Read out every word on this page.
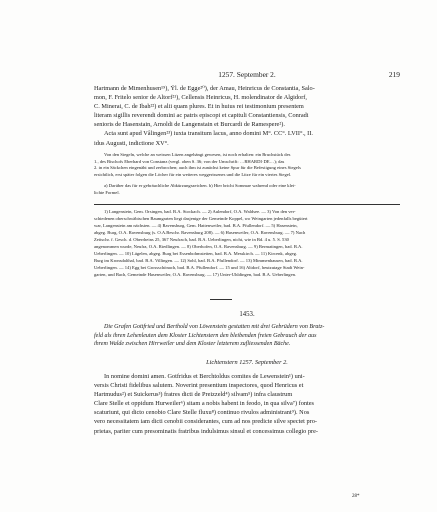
1257. September 2.	219
Hartmann de Mimenhusen¹⁹), Ÿl. de Egge²⁰), der Amau, Heinricus de Constantia, Salo-
mon, F. Fritelo senior de Altorf²¹), Cellensis Heinricus, H. molendinator de Algidorf,
C. Minerai, C. de Ibah²²) et alii quam plures. Et in huius rei testimonium presentem
literam sigillis reverendi domini ac patris episcopi et capituli Constantiensis, Conradi
senioris de Hasenstain, Arnoldi de Langenstain et Burcardi de Ramespere²).
Acta sunt apud Vâlingen²³) iuxta transitum lacus, anno domini M°. CC°. LVII°., II.
idus Augusti, indictione XV°.
Von den Siegeln, welche an weissen Litzen angehängt gewesen, ist noch erhalten: ein Bruchstück des
1., des Bischofs Eberhard von Constanz (vergl. oben S. 36; von der Umschrift: …RHARDI·DE…); das
2. in ein Säckchen eingenäht und zerbrochen; auch ihm ist zunächst keine Spur für die Befestigung eines Siegels
ersichtlich, erst später folgen die Löcher für ein weiteres weggerissenes und die Litze für ein viertes Siegel.
a) Darüber das für er gebräuchliche Abkürzungszeichen. b) Hier bricht Sommae wahrend oder eine klei-
lichte Formel.
1) Langenstein, Gem. Orsingen, bad. B.A. Stockach. — 2) Aulendorf, O.A. Waldsee. — 3) Von den ver-
schiedenen oberschwäbischen Baumgarten liegt dasjenige der Gemeinde Koppel, wo Weingarten jedenfalls begütert
war, Langenstein am nächsten. — 4) Ravensburg, Gem. Hattenweiler, bad. B.A. Pfullendorf. — 5) Hasenstein,
abgeg. Burg, O.A. Ravensburg (s. O.A.Beschr. Ravensburg 208). — 6) Hasenweiler, O.A. Ravensburg. — 7) Nach
Zeitschr. f. Gesch. d. Oberrheins 25, 367 Neufrach, bad. B.A. Ueberlingen, nicht, wie in Bd. 4 u. 5. S. 530
angenommen wurde, Neufra, O.A. Riedlingen. — 8) Oberhofen, O.A. Ravensburg. — 9) Bermatingen, bad. B.A.
Ueberlingen. — 10) Lägelen, abgeg. Burg bei Essenbohmstetten, bad. B.A. Messkirch. — 11) Kircenk, abgeg.
Burg im Kronsdalthal, bad. B.A. Villingen. — 12) Sohl, bad. B.A. Pfullendorf. — 13) Mimmenhausen, bad. B.A.
Ueberlingen. — 14) Egg bei Grossschönach, bad. B.A. Pfullendorf. — 15 und 16) Altdorf, heutzutage Stadt Wein-
garten, und Bach, Gemeinde Hasenweiler, O.A. Ravensburg. — 17) Unter-Uhldingen, bad. B.A. Ueberlingen.
1453.
Die Grafen Gottfried und Berthold von Löwenstein gestatten mit drei Gebrüdern von Bratz-
feld als ihren Lehenleuten dem Kloster Lichtenstern den bleibenden freien Gebrauch der aus
ihrem Walde zwischen Hirrweiler und dem Kloster letzterem zufliessenden Bäche.
Lichtenstern 1257. September 2.
In nomine domini amen. Gotfridus et Berchtoldus comites de Lewenstein¹) uni-
versis Christi fidelibus salutem. Noverint presentium inspectores, quod Henricus et
Hartmudus²) et Suickerus³) fratres dicti de Preizzeld⁴) silvam⁵) infra claustrum
Clare Stelle et oppidum Hurweiler⁶) sitam a nobis habent in feodo, in qua silva⁷) fontes
scaturiunt, qui dicto cenobio Clare Stelle fluxu⁸) continuo rivulos administrant⁹). Nos
vero necessitatem iam dicti cenobii considerantes, cum ad nos predicte silve spectet pro-
prietas, pariter cum presominatis fratribus indulsimus sinsul et concessimus collegio pre-
28*
